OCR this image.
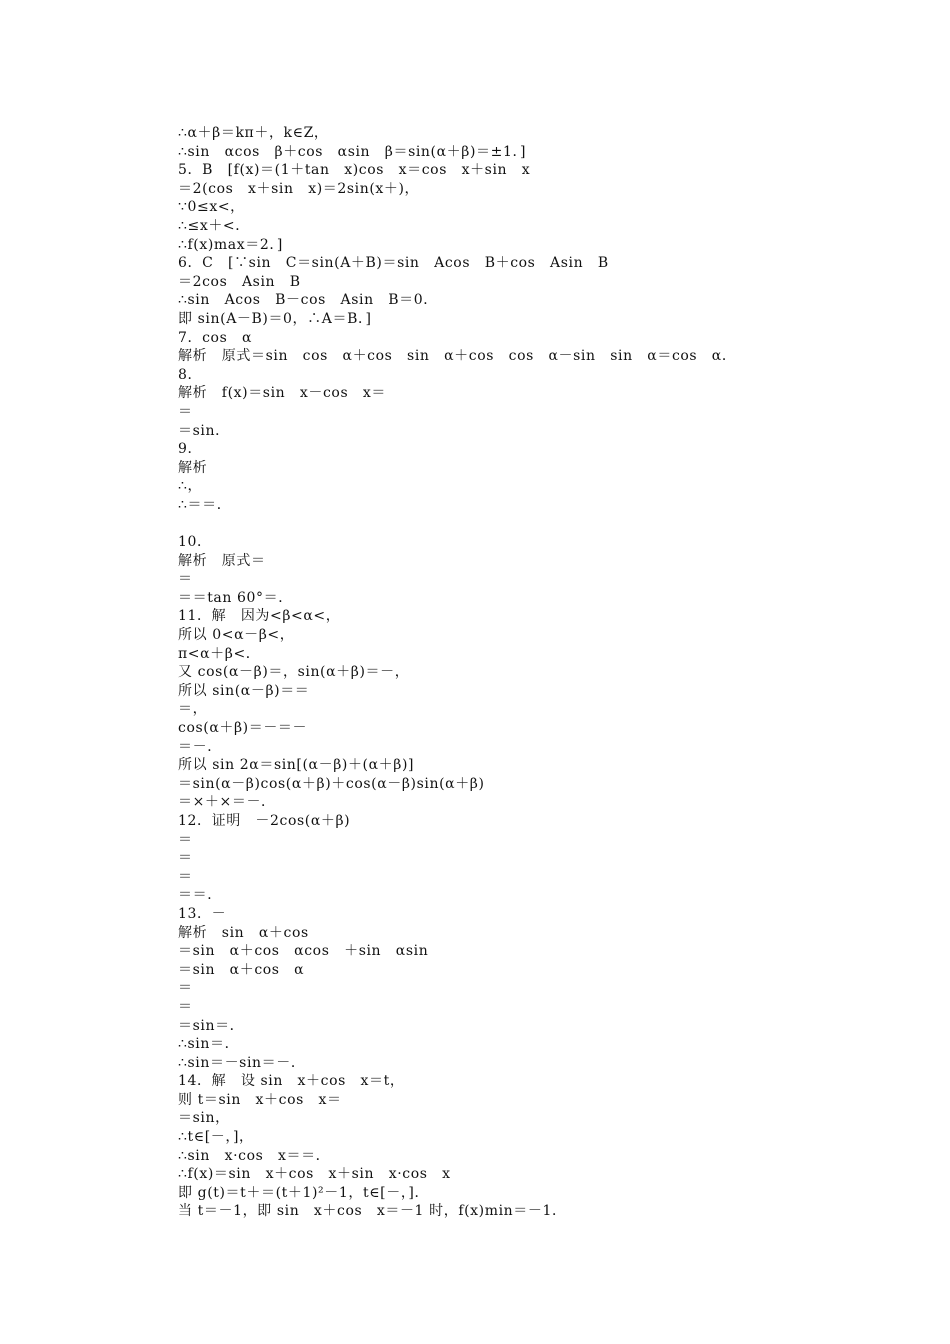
∴α＋β＝kπ＋，k∈Z，
∴sin　αcos　β＋cos　αsin　β＝sin(α＋β)＝±1．]
5．B　[f(x)＝(1＋tan　x)cos　x＝cos　x＋sin　x
＝2(cos　x＋sin　x)＝2sin(x＋)，
∵0≤x<，
∴≤x＋<．
∴f(x)max＝2．]
6．C　[∵sin　C＝sin(A＋B)＝sin　Acos　B＋cos　Asin　B
＝2cos　Asin　B
∴sin　Acos　B－cos　Asin　B＝0．
即 sin(A－B)＝0，∴A＝B．]
7．cos　α
解析　原式＝sin　cos　α＋cos　sin　α＋cos　cos　α－sin　sin　α＝cos　α．
8．
解析　f(x)＝sin　x－cos　x＝
＝
＝sin．
9．
解析
∴，
∴＝＝．
10．
解析　原式＝
＝
＝＝tan 60°＝．
11．解　因为<β<α<，
所以 0<α－β<，
π<α＋β<．
又 cos(α－β)＝，sin(α＋β)＝－，
所以 sin(α－β)＝＝
＝，
cos(α＋β)＝－＝－
＝－．
所以 sin 2α＝sin[(α－β)＋(α＋β)]
＝sin(α－β)cos(α＋β)＋cos(α－β)sin(α＋β)
＝×＋×＝－．
12．证明　－2cos(α＋β)
＝
＝
＝
＝＝．
13．－
解析　sin　α＋cos
＝sin　α＋cos　αcos　＋sin　αsin
＝sin　α＋cos　α
＝
＝
＝sin＝．
∴sin＝．
∴sin＝－sin＝－．
14．解　设 sin　x＋cos　x＝t，
则 t＝sin　x＋cos　x＝
＝sin，
∴t∈[－，]，
∴sin　x·cos　x＝＝．
∴f(x)＝sin　x＋cos　x＋sin　x·cos　x
即 g(t)＝t＋＝(t＋1)²－1，t∈[－，]．
当 t＝－1，即 sin　x＋cos　x＝－1 时，f(x)min＝－1．
